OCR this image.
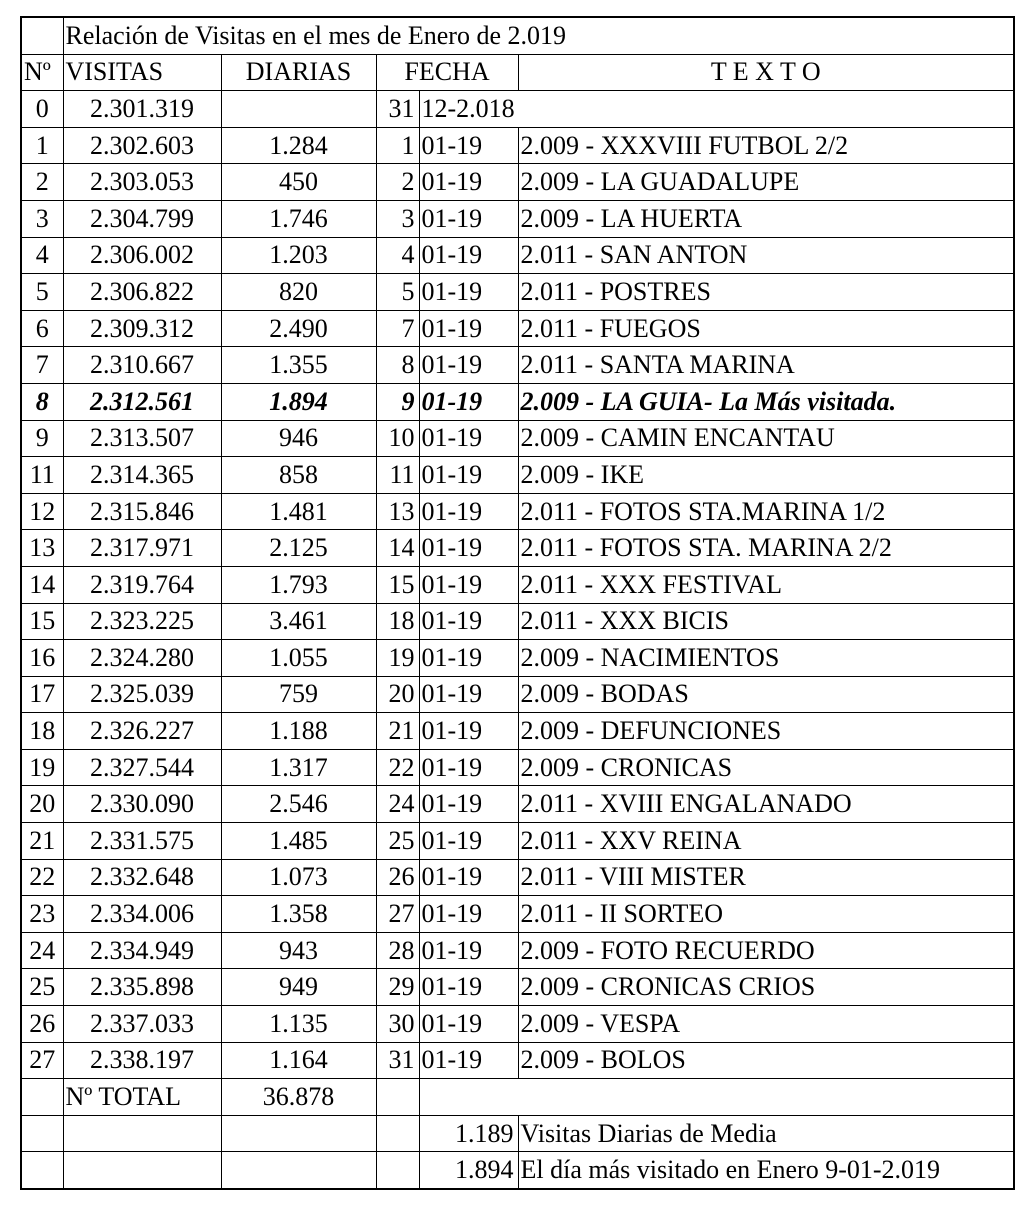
	Relación de Visitas en el mes de Enero de 2.019				
Nº	VISITAS	DIARIAS	FECHA		T E X T O
0	2.301.319		31	12-2.018	
1	2.302.603	1.284	1	01-19	2.009 - XXXVIII FUTBOL 2/2
2	2.303.053	450	2	01-19	2.009 - LA GUADALUPE
3	2.304.799	1.746	3	01-19	2.009 - LA HUERTA
4	2.306.002	1.203	4	01-19	2.011 - SAN ANTON
5	2.306.822	820	5	01-19	2.011 - POSTRES
6	2.309.312	2.490	7	01-19	2.011 - FUEGOS
7	2.310.667	1.355	8	01-19	2.011 - SANTA MARINA
8	2.312.561	1.894	9	01-19	2.009 - LA GUIA- La Más visitada.
9	2.313.507	946	10	01-19	2.009 - CAMIN ENCANTAU
11	2.314.365	858	11	01-19	2.009 - IKE
12	2.315.846	1.481	13	01-19	2.011 - FOTOS STA.MARINA 1/2
13	2.317.971	2.125	14	01-19	2.011 - FOTOS STA. MARINA 2/2
14	2.319.764	1.793	15	01-19	2.011 - XXX FESTIVAL
15	2.323.225	3.461	18	01-19	2.011 - XXX BICIS
16	2.324.280	1.055	19	01-19	2.009 - NACIMIENTOS
17	2.325.039	759	20	01-19	2.009 - BODAS
18	2.326.227	1.188	21	01-19	2.009 - DEFUNCIONES
19	2.327.544	1.317	22	01-19	2.009 - CRONICAS
20	2.330.090	2.546	24	01-19	2.011 - XVIII ENGALANADO
21	2.331.575	1.485	25	01-19	2.011 - XXV REINA
22	2.332.648	1.073	26	01-19	2.011 - VIII MISTER
23	2.334.006	1.358	27	01-19	2.011 - II SORTEO
24	2.334.949	943	28	01-19	2.009 - FOTO RECUERDO
25	2.335.898	949	29	01-19	2.009 - CRONICAS CRIOS
26	2.337.033	1.135	30	01-19	2.009 - VESPA
27	2.338.197	1.164	31	01-19	2.009 - BOLOS
	Nº TOTAL	36.878			
				1.189	Visitas Diarias de Media
				1.894	El día más visitado en Enero 9-01-2.019
